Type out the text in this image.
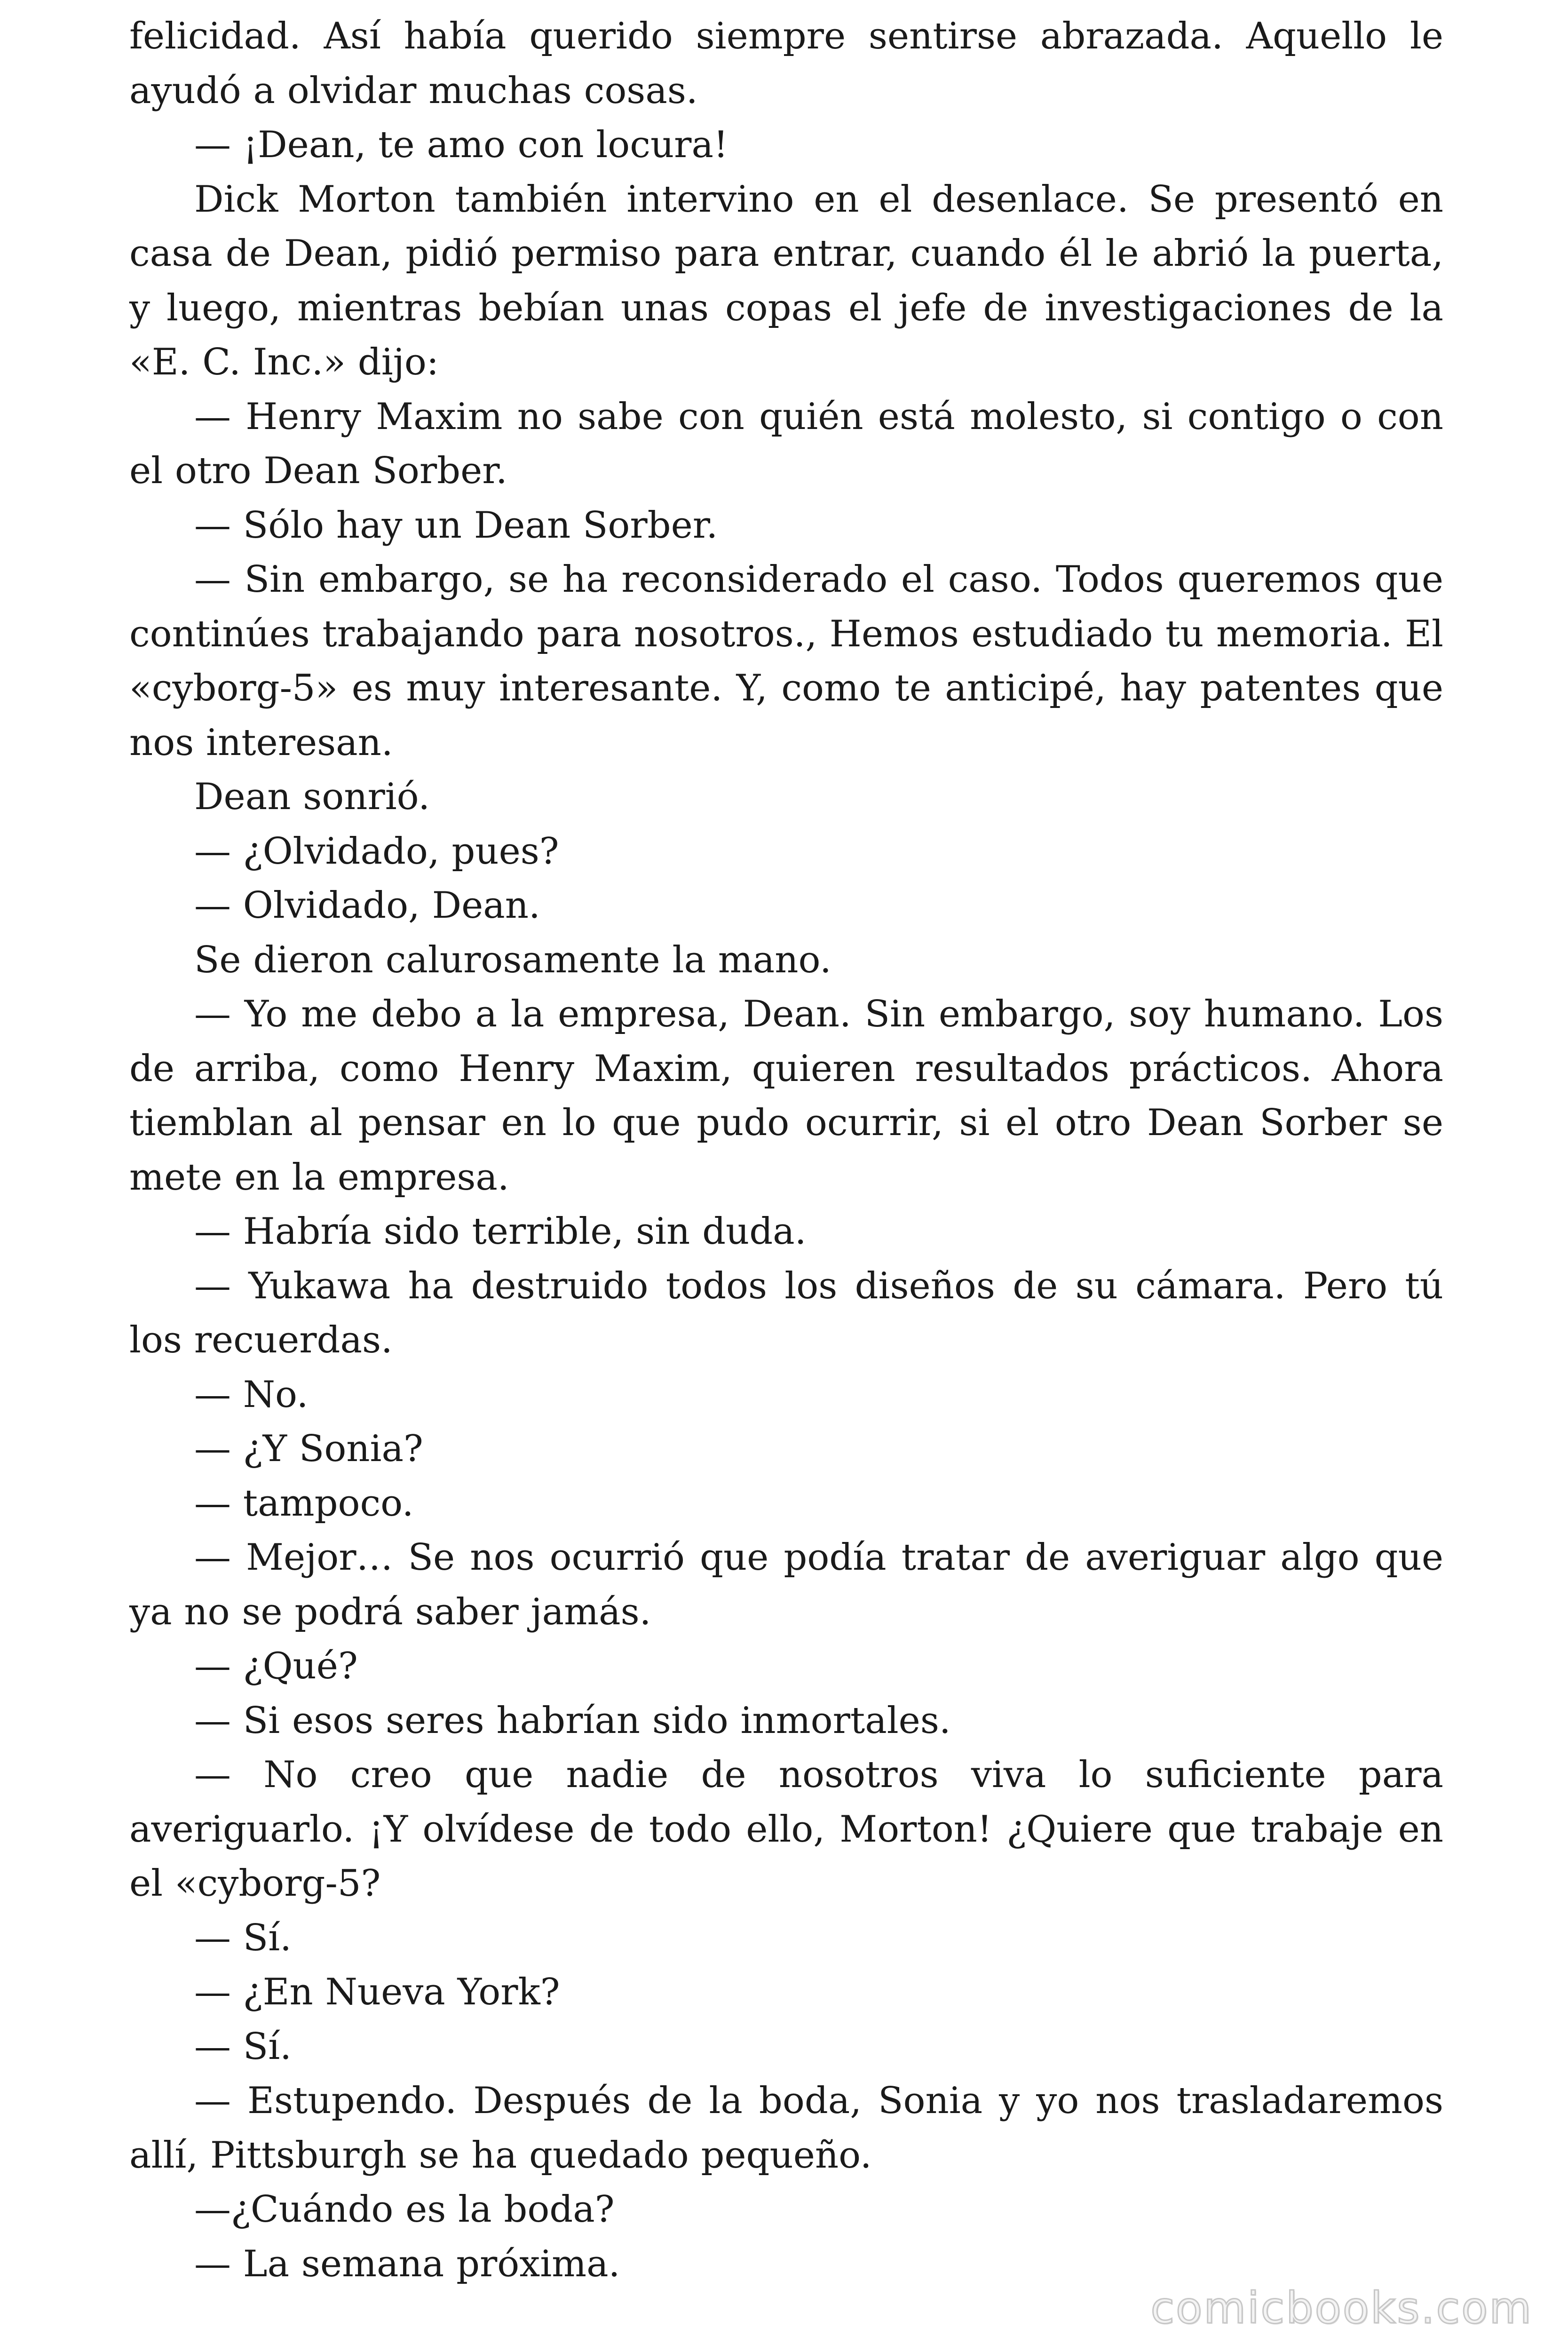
felicidad. Así había querido siempre sentirse abrazada. Aquello le ayudó a olvidar muchas cosas.

— ¡Dean, te amo con locura!

Dick Morton también intervino en el desenlace. Se presentó en casa de Dean, pidió permiso para entrar, cuando él le abrió la puerta, y luego, mientras bebían unas copas el jefe de investigaciones de la «E. C. Inc.» dijo:

— Henry Maxim no sabe con quién está molesto, si contigo o con el otro Dean Sorber.

— Sólo hay un Dean Sorber.

— Sin embargo, se ha reconsiderado el caso. Todos queremos que continúes trabajando para nosotros., Hemos estudiado tu memoria. El «cyborg-5» es muy interesante. Y, como te anticipé, hay patentes que nos interesan.

Dean sonrió.

— ¿Olvidado, pues?

— Olvidado, Dean.

Se dieron calurosamente la mano.

— Yo me debo a la empresa, Dean. Sin embargo, soy humano. Los de arriba, como Henry Maxim, quieren resultados prácticos. Ahora tiemblan al pensar en lo que pudo ocurrir, si el otro Dean Sorber se mete en la empresa.

— Habría sido terrible, sin duda.

— Yukawa ha destruido todos los diseños de su cámara. Pero tú los recuerdas.

— No.

— ¿Y Sonia?

— tampoco.

— Mejor… Se nos ocurrió que podía tratar de averiguar algo que ya no se podrá saber jamás.

— ¿Qué?

— Si esos seres habrían sido inmortales.

— No creo que nadie de nosotros viva lo suficiente para averiguarlo. ¡Y olvídese de todo ello, Morton! ¿Quiere que trabaje en el «cyborg-5?

— Sí.

— ¿En Nueva York?

— Sí.

— Estupendo. Después de la boda, Sonia y yo nos trasladaremos allí, Pittsburgh se ha quedado pequeño.

—¿Cuándo es la boda?

— La semana próxima.

comicbooks.com
